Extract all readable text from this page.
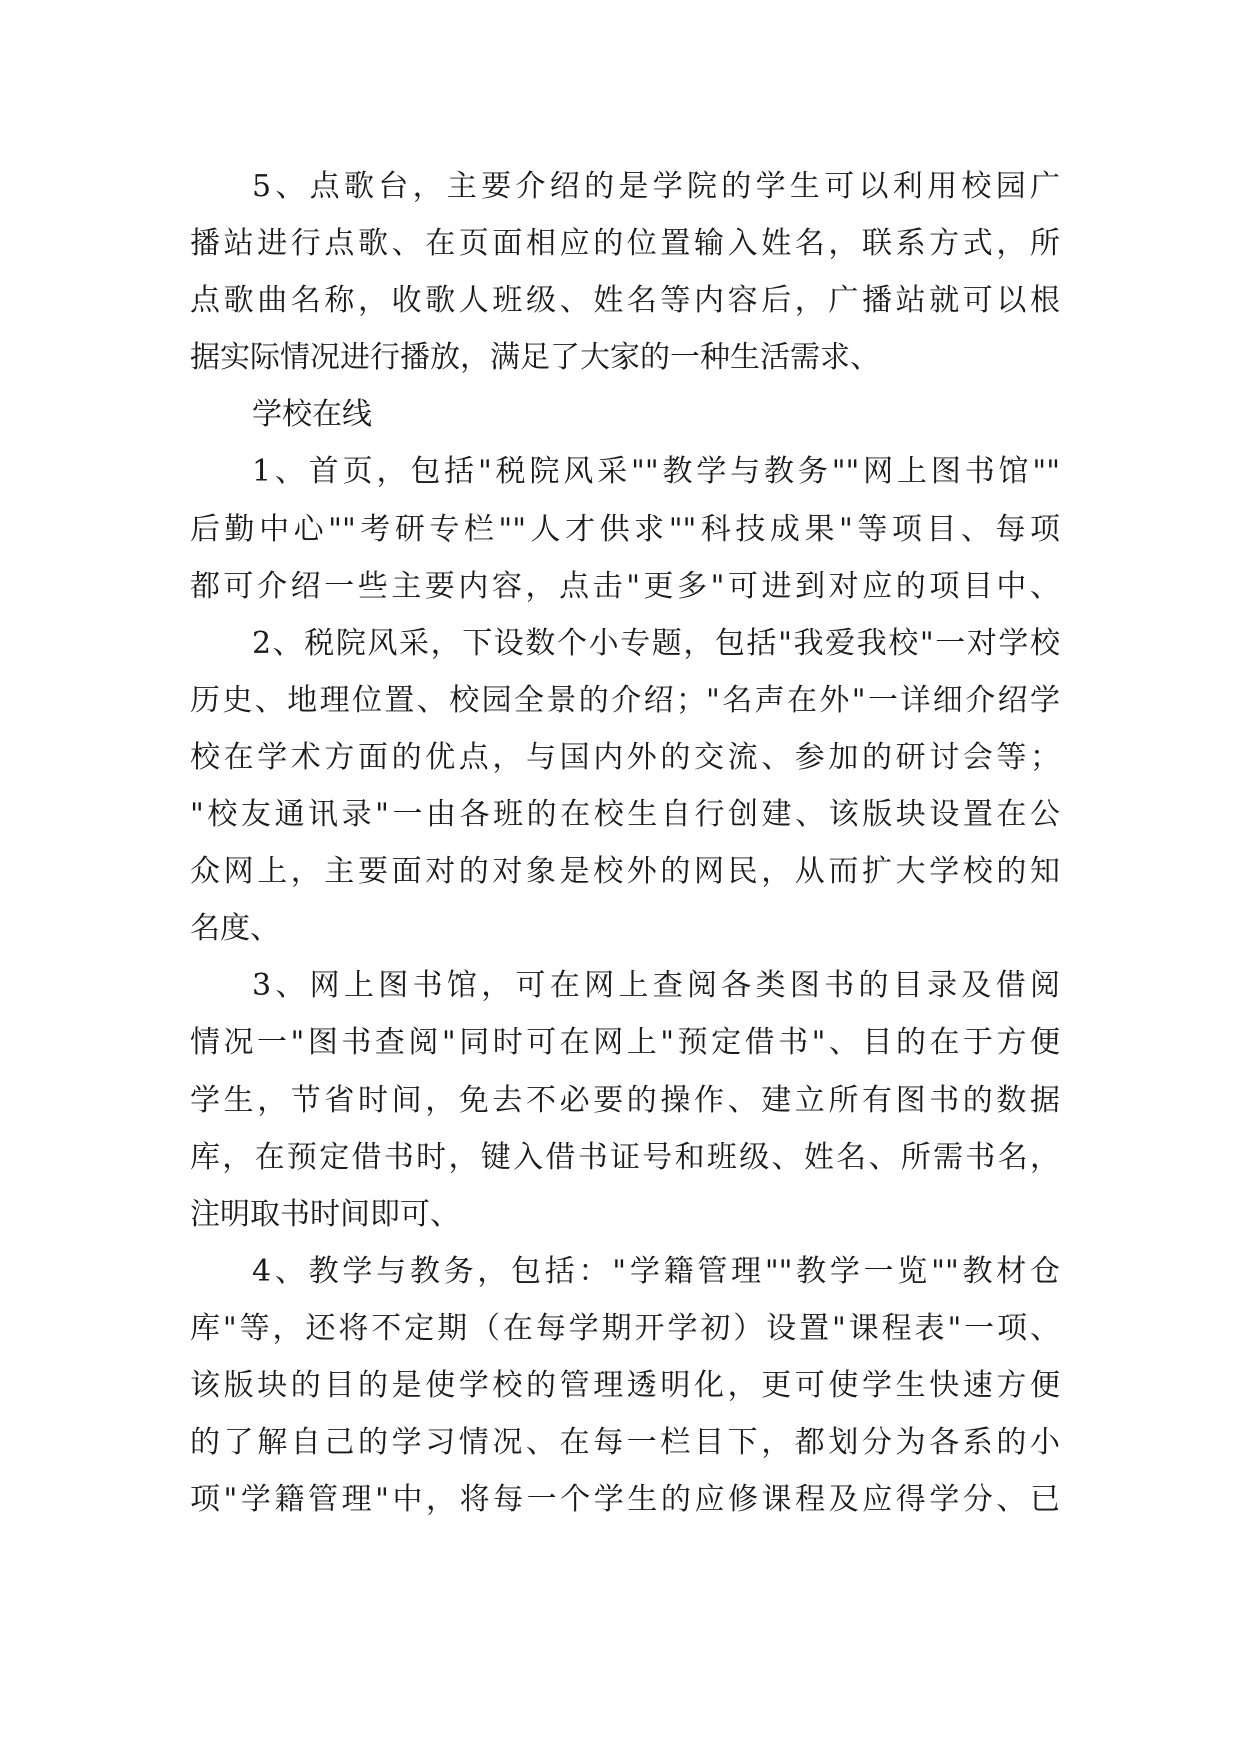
5、点歌台，主要介绍的是学院的学生可以利用校园广
播站进行点歌、在页面相应的位置输入姓名，联系方式，所
点歌曲名称，收歌人班级、姓名等内容后，广播站就可以根
据实际情况进行播放，满足了大家的一种生活需求、
学校在线
1、首页，包括"税院风采""教学与教务""网上图书馆""
后勤中心""考研专栏""人才供求""科技成果"等项目、每项
都可介绍一些主要内容，点击"更多"可进到对应的项目中、
2、税院风采，下设数个小专题，包括"我爱我校"一对学校
历史、地理位置、校园全景的介绍；"名声在外"一详细介绍学
校在学术方面的优点，与国内外的交流、参加的研讨会等；
"校友通讯录"一由各班的在校生自行创建、该版块设置在公
众网上，主要面对的对象是校外的网民，从而扩大学校的知
名度、
3、网上图书馆，可在网上查阅各类图书的目录及借阅
情况一"图书查阅"同时可在网上"预定借书"、目的在于方便
学生，节省时间，免去不必要的操作、建立所有图书的数据
库，在预定借书时，键入借书证号和班级、姓名、所需书名，
注明取书时间即可、
4、教学与教务，包括："学籍管理""教学一览""教材仓
库"等，还将不定期（在每学期开学初）设置"课程表"一项、
该版块的目的是使学校的管理透明化，更可使学生快速方便
的了解自己的学习情况、在每一栏目下，都划分为各系的小
项"学籍管理"中，将每一个学生的应修课程及应得学分、已
